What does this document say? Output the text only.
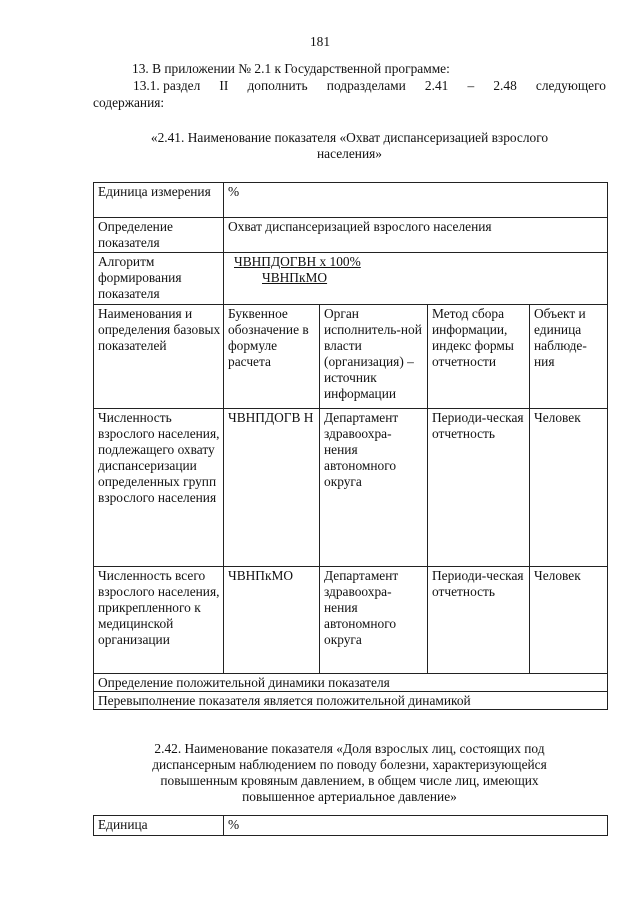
181
13. В приложении № 2.1 к Государственной программе:
13.1. раздел II дополнить подразделами 2.41 – 2.48 следующего
содержания:
«2.41. Наименование показателя «Охват диспансеризацией взрослого
населения»
Единица измерения	%			
Определение показателя	Охват диспансеризацией взрослого населения			
Алгоритм формирования показателя	$\frac{\text{ЧВНПДОГВН х 100\%}}{\text{ЧВНПкМО}}$

Наименования и определения базовых показателей	Буквенное обозначение в формуле расчета	Орган исполнитель-ной власти (организация) – источник информации	Метод сбора информации, индекс формы отчетности	Объект и единица наблюде-ния
Численность взрослого населения, подлежащего охвату диспансеризации определенных групп взрослого населения	ЧВНПДОГВ Н	Департамент здравоохра-нения автономного округа	Периоди-ческая отчетность	Человек
Численность всего взрослого населения, прикрепленного к медицинской организации	ЧВНПкМО	Департамент здравоохра-нения автономного округа	Периоди-ческая отчетность	Человек
Определение положительной динамики показателя				
Перевыполнение показателя является положительной динамикой				
2.42. Наименование показателя «Доля взрослых лиц, состоящих под
диспансерным наблюдением по поводу болезни, характеризующейся
повышенным кровяным давлением, в общем числе лиц, имеющих
повышенное артериальное давление»
Единица	%
